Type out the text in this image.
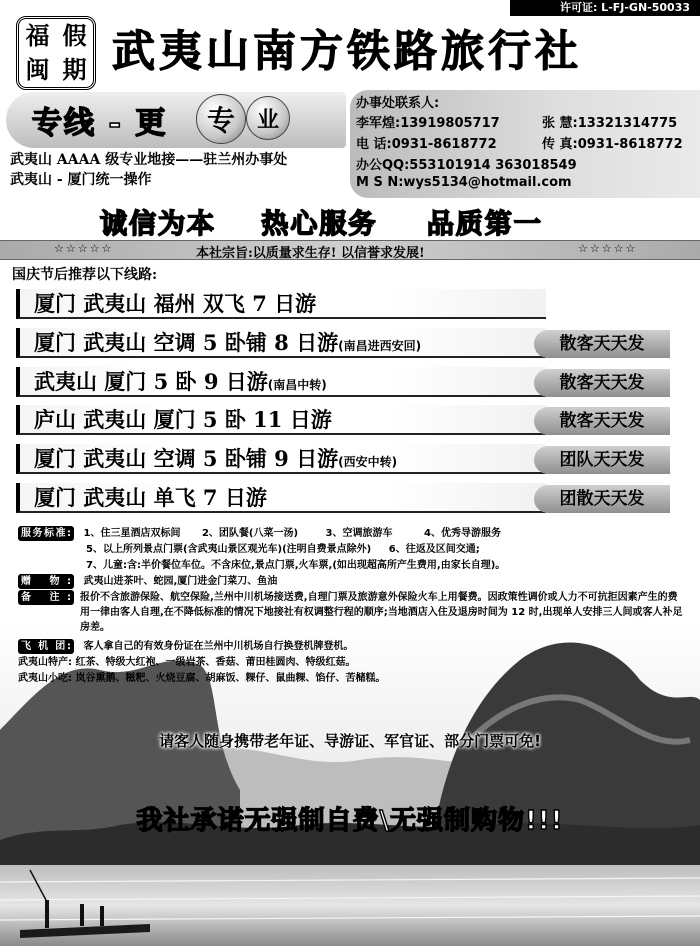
许可证: L-FJ-GN-50033
福 假
闽 期 武夷山南方铁路旅行社
专线 - 更	专 业
武夷山 AAAA 级专业地接——驻兰州办事处
武夷山 - 厦门统一操作
办事处联系人:
李军煌:13919805717	张 慧:13321314775
电 话:0931-8618772	传 真:0931-8618772
办公QQ:553101914 363018549
M S N:wys5134@hotmail.com
诚信为本 热心服务 品质第一
☆☆☆☆☆	本社宗旨:以质量求生存! 以信誉求发展!	☆☆☆☆☆
国庆节后推荐以下线路:
厦门 武夷山 福州 双飞 7 日游
厦门 武夷山 空调 5 卧铺 8 日游(南昌进西安回)	散客天天发
武夷山 厦门 5 卧 9 日游(南昌中转)	散客天天发
庐山 武夷山 厦门 5 卧 11 日游	散客天天发
厦门 武夷山 空调 5 卧铺 9 日游(西安中转)	团队天天发
厦门 武夷山 单飞 7 日游	团散天天发
服务标准: 1、住三星酒店双标间 2、团队餐(八菜一汤)	3、空调旅游车	4、优秀导游服务
5、以上所列景点门票(含武夷山景区观光车)(注明自费景点除外) 6、往返及区间交通;
7、儿童:含:半价餐位车位。不含床位,景点门票,火车票,(如出现超高所产生费用,由家长自理)。
赠 物: 武夷山进茶叶、蛇园,厦门进金门菜刀、鱼油
备 注: 报价不含旅游保险、航空保险,兰州中川机场接送费,自理门票及旅游意外保险火车上用餐费。因政策性调价或人力不可抗拒因素产生的费用一律由客人自理,在不降低标准的情况下地接社有权调整行程的顺序;当地酒店入住及退房时间为 12 时,出现单人安排三人间或客人补足房差。
飞 机 团: 客人拿自己的有效身份证在兰州中川机场自行换登机牌登机。
武夷山特产: 红茶、特级大红袍、一级岩茶、香菇、莆田桂圆肉、特级红菇。
武夷山小吃: 岚谷熏鹅、糍粑、火烧豆腐、胡麻饭、粿仔、鼠曲粿、馅仔、苦槠糕。
请客人随身携带老年证、导游证、军官证、部分门票可免!
我社承诺无强制自费\无强制购物!!!
